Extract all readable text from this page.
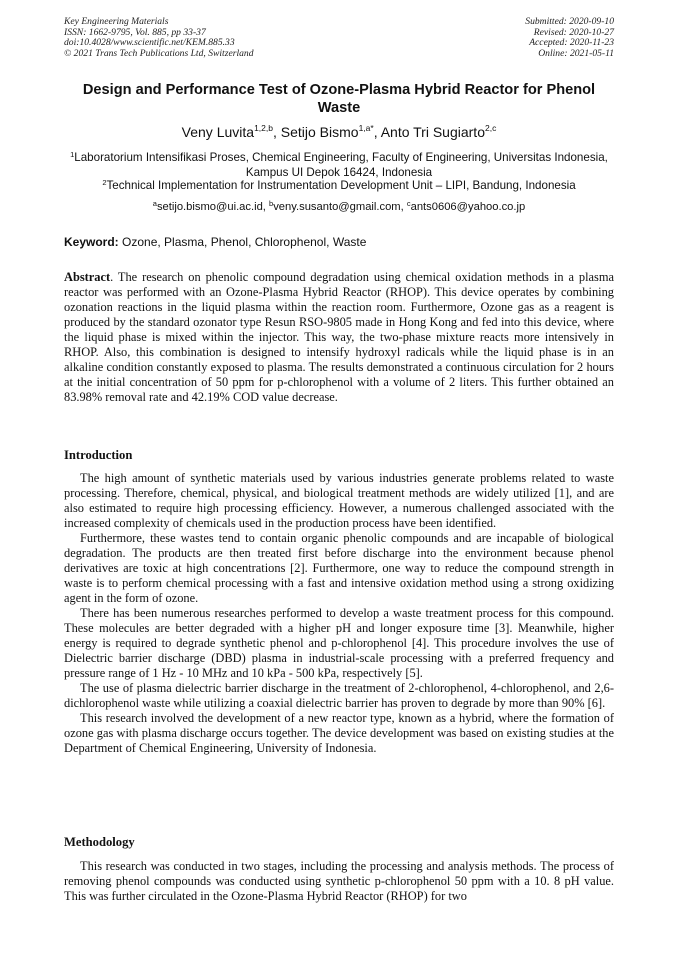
Key Engineering Materials
ISSN: 1662-9795, Vol. 885, pp 33-37
doi:10.4028/www.scientific.net/KEM.885.33
© 2021 Trans Tech Publications Ltd, Switzerland
Submitted: 2020-09-10
Revised: 2020-10-27
Accepted: 2020-11-23
Online: 2021-05-11
Design and Performance Test of Ozone-Plasma Hybrid Reactor for Phenol Waste
Veny Luvita$^{1,2,b}$, Setijo Bismo$^{1,a*}$, Anto Tri Sugiarto$^{2,c}$
$^1$Laboratorium Intensifikasi Proses, Chemical Engineering, Faculty of Engineering, Universitas Indonesia, Kampus UI Depok 16424, Indonesia
$^2$Technical Implementation for Instrumentation Development Unit – LIPI, Bandung, Indonesia
$^a$setijo.bismo@ui.ac.id, $^b$veny.susanto@gmail.com, $^c$ants0606@yahoo.co.jp
Keyword: Ozone, Plasma, Phenol, Chlorophenol, Waste
Abstract. The research on phenolic compound degradation using chemical oxidation methods in a plasma reactor was performed with an Ozone-Plasma Hybrid Reactor (RHOP). This device operates by combining ozonation reactions in the liquid plasma within the reaction room. Furthermore, Ozone gas as a reagent is produced by the standard ozonator type Resun RSO-9805 made in Hong Kong and fed into this device, where the liquid phase is mixed within the injector. This way, the two-phase mixture reacts more intensively in RHOP. Also, this combination is designed to intensify hydroxyl radicals while the liquid phase is in an alkaline condition constantly exposed to plasma. The results demonstrated a continuous circulation for 2 hours at the initial concentration of 50 ppm for p-chlorophenol with a volume of 2 liters. This further obtained an 83.98% removal rate and 42.19% COD value decrease.
Introduction

The high amount of synthetic materials used by various industries generate problems related to waste processing. Therefore, chemical, physical, and biological treatment methods are widely utilized [1], and are also estimated to require high processing efficiency. However, a numerous challenged associated with the increased complexity of chemicals used in the production process have been identified.

Furthermore, these wastes tend to contain organic phenolic compounds and are incapable of biological degradation. The products are then treated first before discharge into the environment because phenol derivatives are toxic at high concentrations [2]. Furthermore, one way to reduce the compound strength in waste is to perform chemical processing with a fast and intensive oxidation method using a strong oxidizing agent in the form of ozone.

There has been numerous researches performed to develop a waste treatment process for this compound. These molecules are better degraded with a higher pH and longer exposure time [3]. Meanwhile, higher energy is required to degrade synthetic phenol and p-chlorophenol [4]. This procedure involves the use of Dielectric barrier discharge (DBD) plasma in industrial-scale processing with a preferred frequency and pressure range of 1 Hz - 10 MHz and 10 kPa - 500 kPa, respectively [5].

The use of plasma dielectric barrier discharge in the treatment of 2-chlorophenol, 4-chlorophenol, and 2,6-dichlorophenol waste while utilizing a coaxial dielectric barrier has proven to degrade by more than 90% [6].

This research involved the development of a new reactor type, known as a hybrid, where the formation of ozone gas with plasma discharge occurs together. The device development was based on existing studies at the Department of Chemical Engineering, University of Indonesia.

Methodology

This research was conducted in two stages, including the processing and analysis methods. The process of removing phenol compounds was conducted using synthetic p-chlorophenol 50 ppm with a 10. 8 pH value. This was further circulated in the Ozone-Plasma Hybrid Reactor (RHOP) for two
